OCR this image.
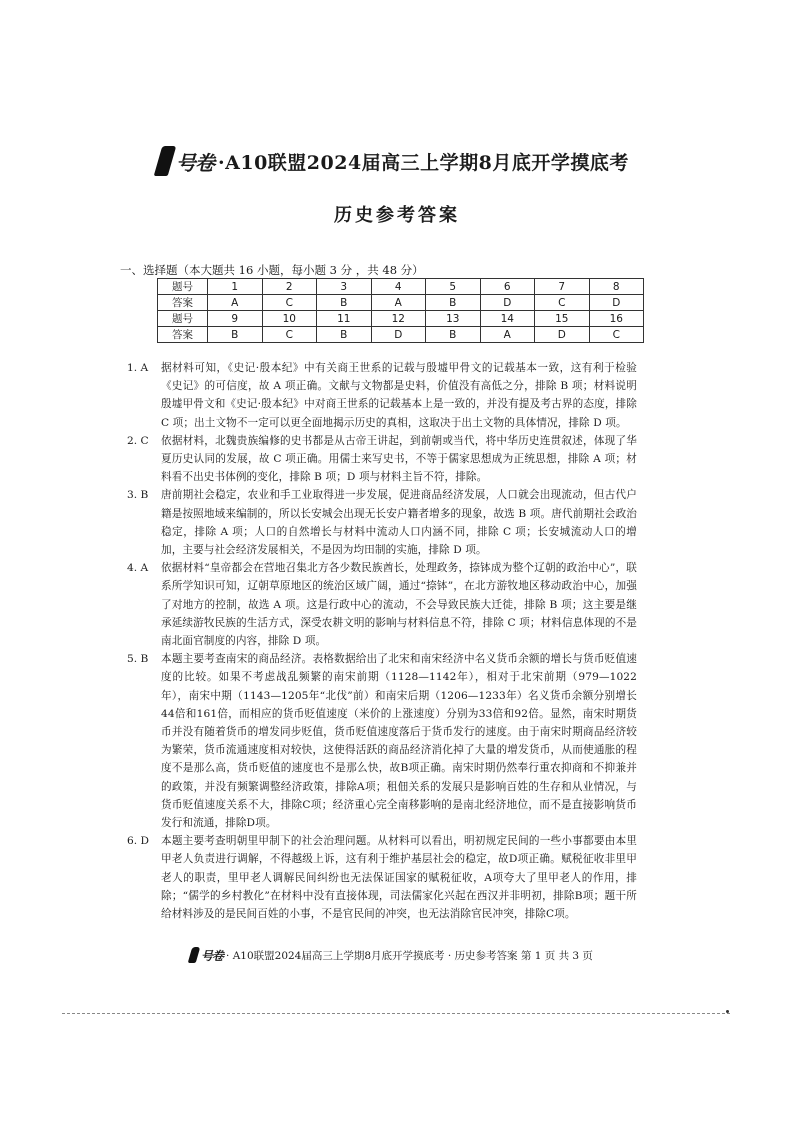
号卷 ·A10联盟2024届高三上学期8月底开学摸底考
历史参考答案
一、选择题（本大题共 16 小题，每小题 3 分 ，共 48 分）
题号	1	2	3	4	5	6	7	8
答案	A	C	B	A	B	D	C	D
题号	9	10	11	12	13	14	15	16
答案	B	C	B	D	B	A	D	C
1. A	据材料可知，《史记·殷本纪》中有关商王世系的记载与殷墟甲骨文的记载基本一致，这有利于检验《史记》的可信度，故 A 项正确。文献与文物都是史料，价值没有高低之分，排除 B 项；材料说明殷墟甲骨文和《史记·殷本纪》中对商王世系的记载基本上是一致的，并没有提及考古界的态度，排除 C 项；出土文物不一定可以更全面地揭示历史的真相，这取决于出土文物的具体情况，排除 D 项。
2. C	依据材料，北魏贵族编修的史书都是从古帝王讲起，到前朝或当代，将中华历史连贯叙述，体现了华夏历史认同的发展，故 C 项正确。用儒士来写史书，不等于儒家思想成为正统思想，排除 A 项；材料看不出史书体例的变化，排除 B 项；D 项与材料主旨不符，排除。
3. B	唐前期社会稳定，农业和手工业取得进一步发展，促进商品经济发展，人口就会出现流动，但古代户籍是按照地域来编制的，所以长安城会出现无长安户籍者增多的现象，故选 B 项。唐代前期社会政治稳定，排除 A 项；人口的自然增长与材料中流动人口内涵不同，排除 C 项；长安城流动人口的增加，主要与社会经济发展相关，不是因为均田制的实施，排除 D 项。
4. A	依据材料“皇帝都会在营地召集北方各少数民族酋长，处理政务，捺钵成为整个辽朝的政治中心”，联系所学知识可知，辽朝草原地区的统治区域广阔，通过“捺钵”，在北方游牧地区移动政治中心，加强了对地方的控制，故选 A 项。这是行政中心的流动，不会导致民族大迁徙，排除 B 项；这主要是继承延续游牧民族的生活方式，深受农耕文明的影响与材料信息不符，排除 C 项；材料信息体现的不是南北面官制度的内容，排除 D 项。
5. B	本题主要考查南宋的商品经济。表格数据给出了北宋和南宋经济中名义货币余额的增长与货币贬值速度的比较。如果不考虑战乱频繁的南宋前期（1128—1142年），相对于北宋前期（979—1022年），南宋中期（1143—1205年“北伐”前）和南宋后期（1206—1233年）名义货币余额分别增长44倍和161倍，而相应的货币贬值速度（米价的上涨速度）分别为33倍和92倍。显然，南宋时期货币并没有随着货币的增发同步贬值，货币贬值速度落后于货币发行的速度。由于南宋时期商品经济较为繁荣，货币流通速度相对较快，这使得活跃的商品经济消化掉了大量的增发货币，从而使通胀的程度不是那么高，货币贬值的速度也不是那么快，故B项正确。南宋时期仍然奉行重农抑商和不抑兼并的政策，并没有频繁调整经济政策，排除A项；租佃关系的发展只是影响百姓的生存和从业情况，与货币贬值速度关系不大，排除C项；经济重心完全南移影响的是南北经济地位，而不是直接影响货币发行和流通，排除D项。
6. D	本题主要考查明朝里甲制下的社会治理问题。从材料可以看出，明初规定民间的一些小事都要由本里甲老人负责进行调解，不得越级上诉，这有利于维护基层社会的稳定，故D项正确。赋税征收非里甲老人的职责，里甲老人调解民间纠纷也无法保证国家的赋税征收，A项夸大了里甲老人的作用，排除；“儒学的乡村教化”在材料中没有直接体现，司法儒家化兴起在西汉并非明初，排除B项；题干所给材料涉及的是民间百姓的小事，不是官民间的冲突，也无法消除官民冲突，排除C项。
号卷 · A10联盟2024届高三上学期8月底开学摸底考 · 历史参考答案 第 1 页 共 3 页
